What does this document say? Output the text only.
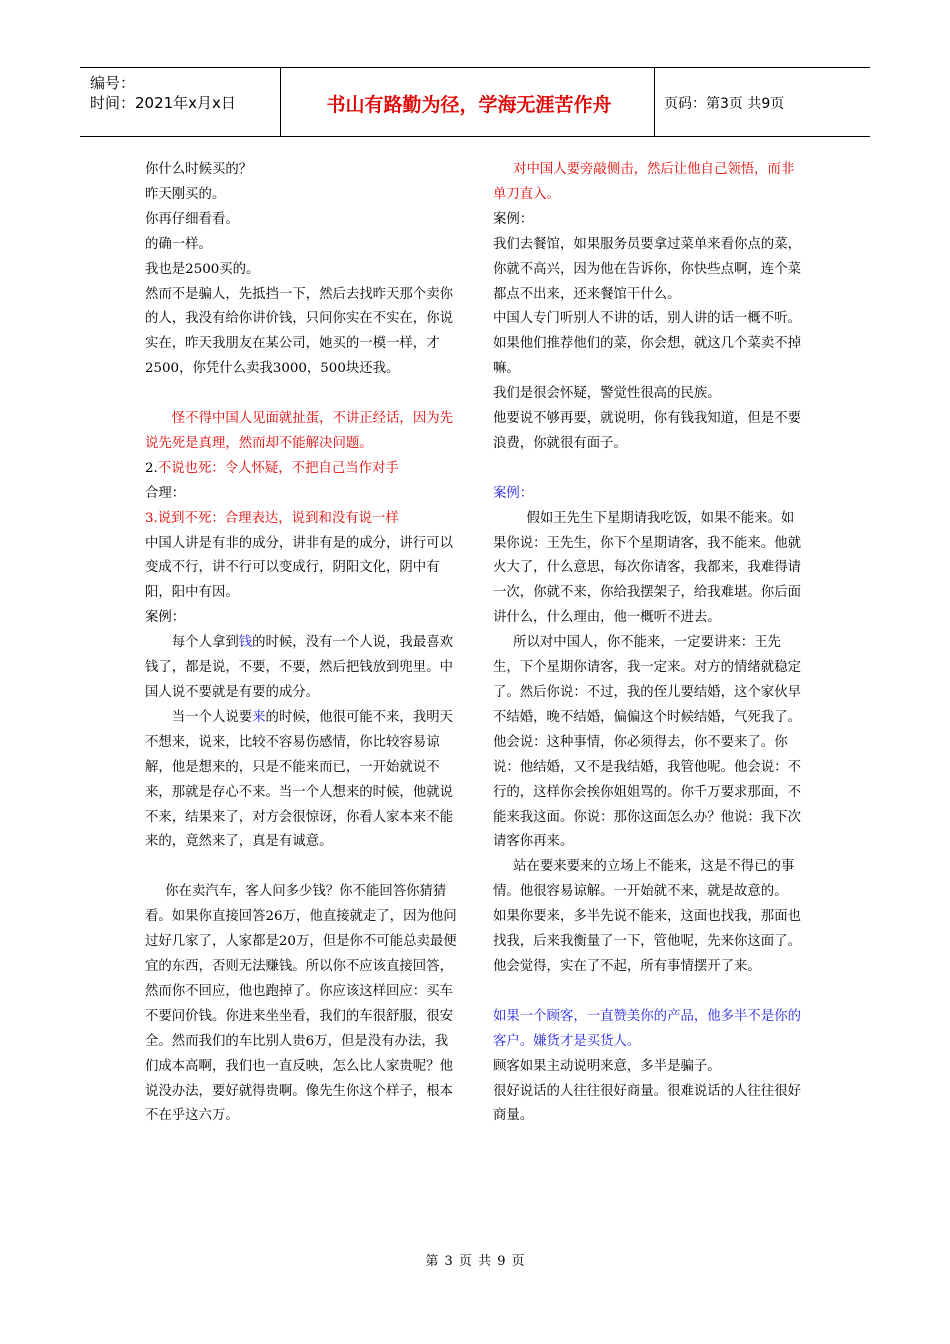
编号：
时间：2021年x月x日	书山有路勤为径，学海无涯苦作舟	页码：第3页 共9页

你什么时候买的？

昨天刚买的。

你再仔细看看。

的确一样。

我也是2500买的。

然而不是骗人，先抵挡一下，然后去找昨天那个卖你的人，我没有给你讲价钱，只问你实在不实在，你说实在，昨天我朋友在某公司，她买的一模一样，才2500，你凭什么卖我3000，500块还我。

怪不得中国人见面就扯蛋，不讲正经话，因为先说先死是真理，然而却不能解决问题。

2.不说也死：令人怀疑，不把自己当作对手

合理：

3.说到不死：合理表达，说到和没有说一样

中国人讲是有非的成分，讲非有是的成分，讲行可以变成不行，讲不行可以变成行，阴阳文化，阴中有阳，阳中有因。

案例：

每个人拿到钱的时候，没有一个人说，我最喜欢钱了，都是说，不要，不要，然后把钱放到兜里。中国人说不要就是有要的成分。

当一个人说要来的时候，他很可能不来，我明天不想来，说来，比较不容易伤感情，你比较容易谅解，他是想来的，只是不能来而已，一开始就说不来，那就是存心不来。当一个人想来的时候，他就说不来，结果来了，对方会很惊讶，你看人家本来不能来的，竟然来了，真是有诚意。

你在卖汽车，客人问多少钱？你不能回答你猜猜看。如果你直接回答26万，他直接就走了，因为他问过好几家了，人家都是20万，但是你不可能总卖最便宜的东西，否则无法赚钱。所以你不应该直接回答，然而你不回应，他也跑掉了。你应该这样回应：买车不要问价钱。你进来坐坐看，我们的车很舒服，很安全。然而我们的车比别人贵6万，但是没有办法，我们成本高啊，我们也一直反映，怎么比人家贵呢？他说没办法，要好就得贵啊。像先生你这个样子，根本不在乎这六万。

对中国人要旁敲侧击，然后让他自己领悟，而非单刀直入。

案例：

我们去餐馆，如果服务员要拿过菜单来看你点的菜，你就不高兴，因为他在告诉你，你快些点啊，连个菜都点不出来，还来餐馆干什么。

中国人专门听别人不讲的话，别人讲的话一概不听。

如果他们推荐他们的菜，你会想，就这几个菜卖不掉嘛。

我们是很会怀疑，警觉性很高的民族。

他要说不够再要，就说明，你有钱我知道，但是不要浪费，你就很有面子。

案例：

假如王先生下星期请我吃饭，如果不能来。如果你说：王先生，你下个星期请客，我不能来。他就火大了，什么意思，每次你请客，我都来，我难得请一次，你就不来，你给我摆架子，给我难堪。你后面讲什么，什么理由，他一概听不进去。

所以对中国人，你不能来，一定要讲来：王先生，下个星期你请客，我一定来。对方的情绪就稳定了。然后你说：不过，我的侄儿要结婚，这个家伙早不结婚，晚不结婚，偏偏这个时候结婚，气死我了。他会说：这种事情，你必须得去，你不要来了。你说：他结婚，又不是我结婚，我管他呢。他会说：不行的，这样你会挨你姐姐骂的。你千万要求那面，不能来我这面。你说：那你这面怎么办？他说：我下次请客你再来。

站在要来要来的立场上不能来，这是不得已的事情。他很容易谅解。一开始就不来，就是故意的。

如果你要来，多半先说不能来，这面也找我，那面也找我，后来我衡量了一下，管他呢，先来你这面了。他会觉得，实在了不起，所有事情摆开了来。

如果一个顾客，一直赞美你的产品，他多半不是你的客户。嫌货才是买货人。

顾客如果主动说明来意，多半是骗子。

很好说话的人往往很好商量。很难说话的人往往很好商量。

第 3 页 共 9 页
